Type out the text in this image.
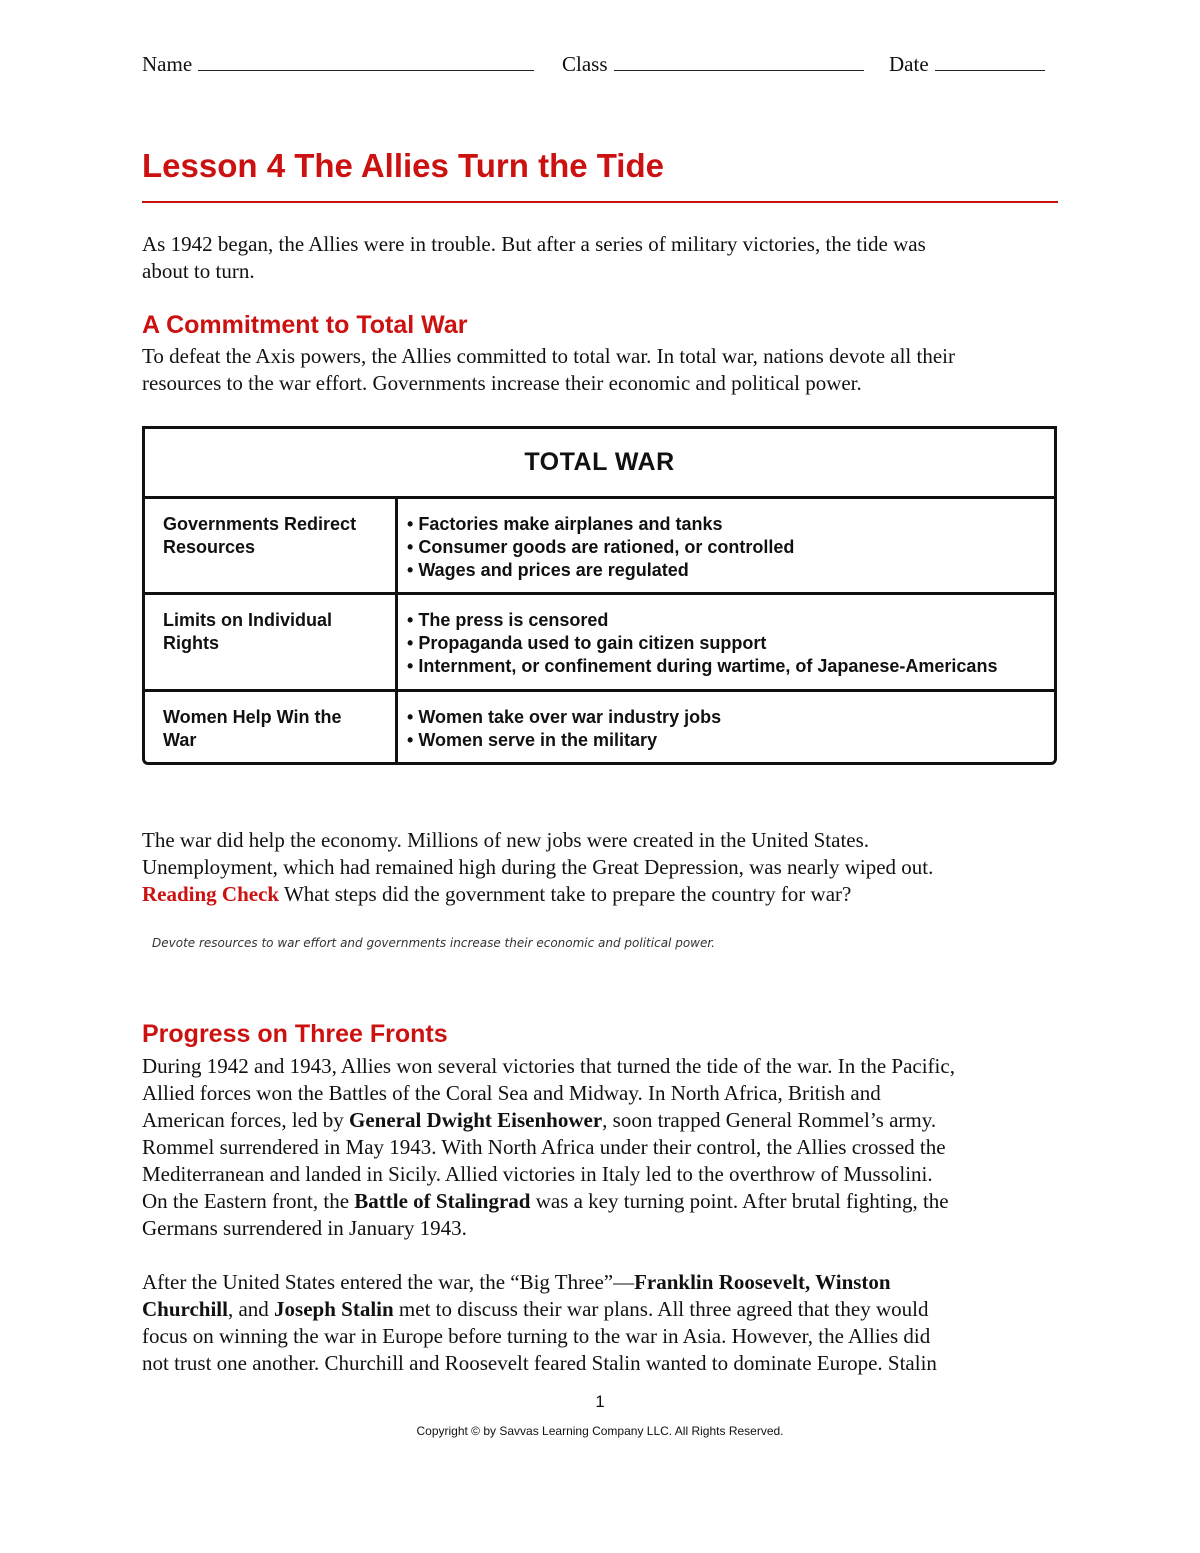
Name	Class	Date
Lesson 4 The Allies Turn the Tide
As 1942 began, the Allies were in trouble. But after a series of military victories, the tide was
about to turn.
A Commitment to Total War
To defeat the Axis powers, the Allies committed to total war. In total war, nations devote all their
resources to the war effort. Governments increase their economic and political power.
TOTAL WAR
Governments Redirect
Resources
• Factories make airplanes and tanks
• Consumer goods are rationed, or controlled
• Wages and prices are regulated
Limits on Individual
Rights
• The press is censored
• Propaganda used to gain citizen support
• Internment, or confinement during wartime, of Japanese-Americans
Women Help Win the
War
• Women take over war industry jobs
• Women serve in the military
The war did help the economy. Millions of new jobs were created in the United States.
Unemployment, which had remained high during the Great Depression, was nearly wiped out.
Reading Check What steps did the government take to prepare the country for war?
Devote resources to war effort and governments increase their economic and political power.
Progress on Three Fronts
During 1942 and 1943, Allies won several victories that turned the tide of the war. In the Pacific,
Allied forces won the Battles of the Coral Sea and Midway. In North Africa, British and
American forces, led by General Dwight Eisenhower, soon trapped General Rommel’s army.
Rommel surrendered in May 1943. With North Africa under their control, the Allies crossed the
Mediterranean and landed in Sicily. Allied victories in Italy led to the overthrow of Mussolini.
On the Eastern front, the Battle of Stalingrad was a key turning point. After brutal fighting, the
Germans surrendered in January 1943.
After the United States entered the war, the “Big Three”—Franklin Roosevelt, Winston
Churchill, and Joseph Stalin met to discuss their war plans. All three agreed that they would
focus on winning the war in Europe before turning to the war in Asia. However, the Allies did
not trust one another. Churchill and Roosevelt feared Stalin wanted to dominate Europe. Stalin
1
Copyright © by Savvas Learning Company LLC. All Rights Reserved.
